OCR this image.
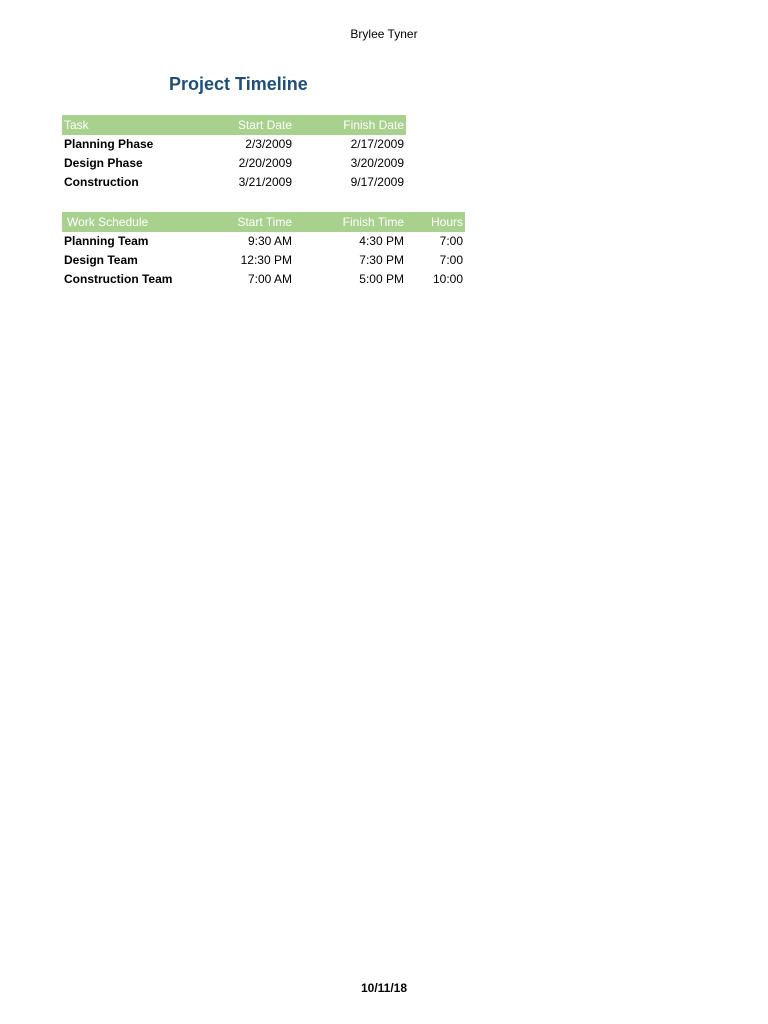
Brylee Tyner
Project Timeline
Task	Start Date	Finish Date
Planning Phase	2/3/2009	2/17/2009
Design Phase	2/20/2009	3/20/2009
Construction	3/21/2009	9/17/2009
Work Schedule	Start Time	Finish Time	Hours
Planning Team	9:30 AM	4:30 PM	7:00
Design Team	12:30 PM	7:30 PM	7:00
Construction Team	7:00 AM	5:00 PM	10:00
10/11/18
